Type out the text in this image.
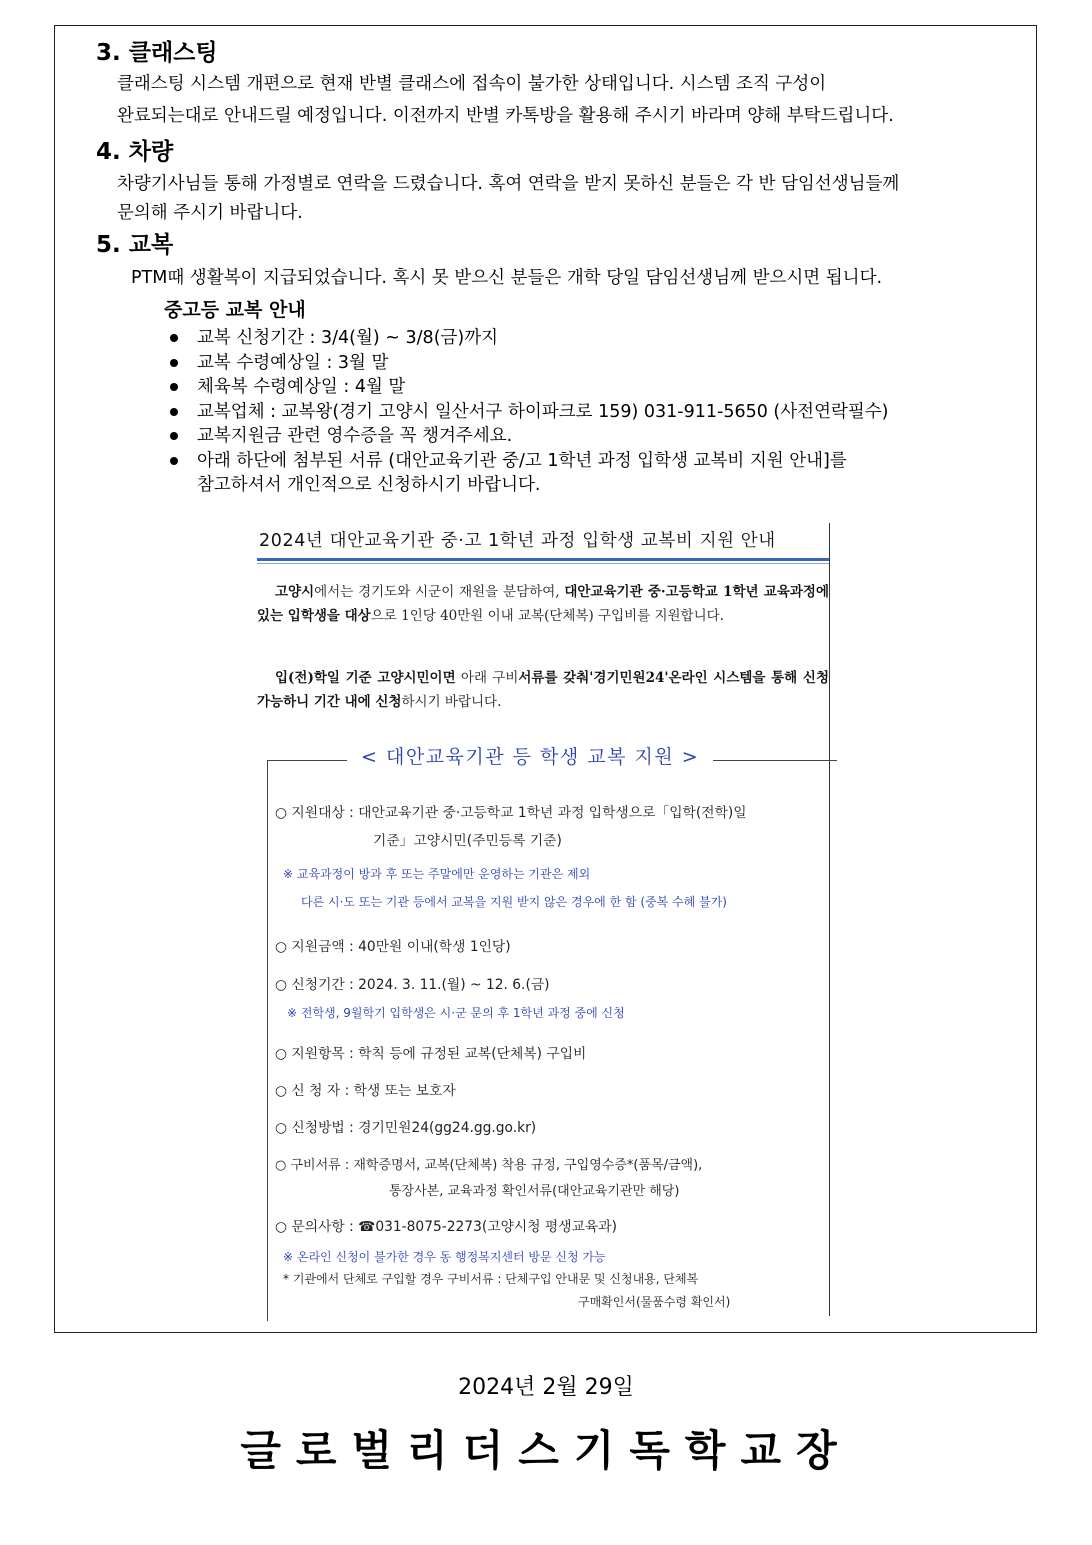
3. 클래스팅
클래스팅 시스템 개편으로 현재 반별 클래스에 접속이 불가한 상태입니다. 시스템 조직 구성이
완료되는대로 안내드릴 예정입니다. 이전까지 반별 카톡방을 활용해 주시기 바라며 양해 부탁드립니다.
4. 차량
차량기사님들 통해 가정별로 연락을 드렸습니다. 혹여 연락을 받지 못하신 분들은 각 반 담임선생님들께
문의해 주시기 바랍니다.
5. 교복
PTM때 생활복이 지급되었습니다. 혹시 못 받으신 분들은 개학 당일 담임선생님께 받으시면 됩니다.
중고등 교복 안내
교복 신청기간 : 3/4(월) ~ 3/8(금)까지
교복 수령예상일 : 3월 말
체육복 수령예상일 : 4월 말
교복업체 : 교복왕(경기 고양시 일산서구 하이파크로 159) 031-911-5650 (사전연락필수)
교복지원금 관련 영수증을 꼭 챙겨주세요.
아래 하단에 첨부된 서류 (대안교육기관 중/고 1학년 과정 입학생 교복비 지원 안내]를
참고하셔서 개인적으로 신청하시기 바랍니다.
2024년 대안교육기관 중·고 1학년 과정 입학생 교복비 지원 안내
고양시에서는 경기도와 시군이 재원을 분담하여, 대안교육기관 중·고등학교 1학년 교육과정에 있는 입학생을 대상으로 1인당 40만원 이내 교복(단체복) 구입비를 지원합니다.
입(전)학일 기준 고양시민이면 아래 구비서류를 갖춰'경기민원24'온라인 시스템을 통해 신청 가능하니 기간 내에 신청하시기 바랍니다.
< 대안교육기관 등 학생 교복 지원 >
○ 지원대상 : 대안교육기관 중·고등학교 1학년 과정 입학생으로「입학(전학)일
기준」고양시민(주민등록 기준)
※ 교육과정이 방과 후 또는 주말에만 운영하는 기관은 제외
다른 시·도 또는 기관 등에서 교복을 지원 받지 않은 경우에 한 함 (중복 수혜 불가)
○ 지원금액 : 40만원 이내(학생 1인당)
○ 신청기간 : 2024. 3. 11.(월) ~ 12. 6.(금)
※ 전학생, 9월학기 입학생은 시·군 문의 후 1학년 과정 중에 신청
○ 지원항목 : 학칙 등에 규정된 교복(단체복) 구입비
○ 신 청 자 : 학생 또는 보호자
○ 신청방법 : 경기민원24(gg24.gg.go.kr)
○ 구비서류 : 재학증명서, 교복(단체복) 착용 규정, 구입영수증*(품목/금액),
통장사본, 교육과정 확인서류(대안교육기관만 해당)
○ 문의사항 : ☎031-8075-2273(고양시청 평생교육과)
※ 온라인 신청이 불가한 경우 동 행정복지센터 방문 신청 가능
* 기관에서 단체로 구입할 경우 구비서류 : 단체구입 안내문 및 신청내용, 단체복
구매확인서(물품수령 확인서)
2024년 2월 29일
글로벌리더스기독학교장
